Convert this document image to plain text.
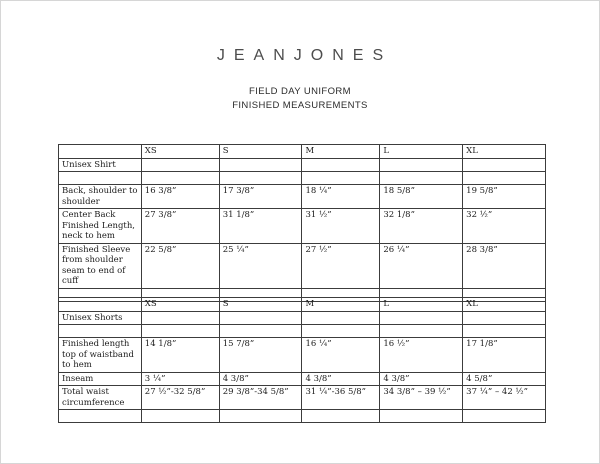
JEANJONES
FIELD DAY UNIFORM
FINISHED MEASUREMENTS
	XS	S	M	L	XL
Unisex Shirt					

Back, shoulder to shoulder	16 3/8”	17 3/8”	18 ¼”	18 5/8”	19 5/8”
Center Back Finished Length, neck to hem	27 3/8”	31 1/8”	31 ½”	32 1/8”	32 ½”
Finished Sleeve from shoulder seam to end of cuff	22 5/8”	25 ¼”	27 ½”	26 ¼”	28 3/8”

	XS	S	M	L	XL
Unisex Shorts					

Finished length top of waistband to hem	14 1/8”	15 7/8”	16 ¼”	16 ½”	17 1/8”
Inseam	3 ¼”	4 3/8”	4 3/8”	4 3/8”	4 5/8”
Total waist circumference	27 ½”-32 5/8”	29 3/8”-34 5/8”	31 ¼”-36 5/8”	34 3/8” – 39 ½”	37 ¼” – 42 ½”
